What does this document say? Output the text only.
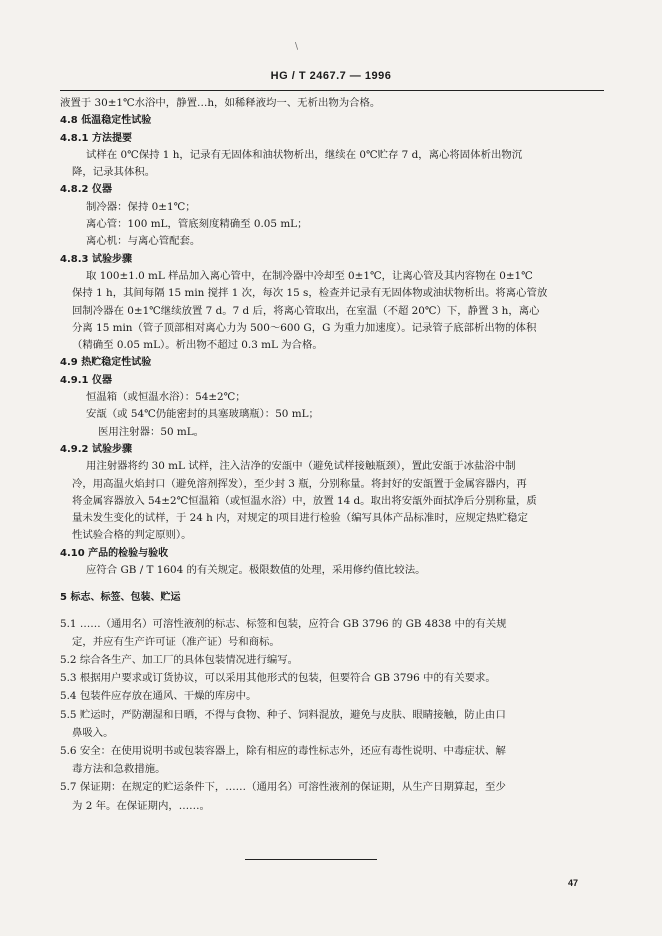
\
HG / T 2467.7 — 1996
液置于 30±1℃水浴中，静置…h，如稀释液均一、无析出物为合格。
4.8 低温稳定性试验
4.8.1 方法提要
试样在 0℃保持 1 h，记录有无固体和油状物析出，继续在 0℃贮存 7 d，离心将固体析出物沉
降，记录其体积。
4.8.2 仪器
制冷器：保持 0±1℃；
离心管：100 mL，管底刻度精确至 0.05 mL；
离心机：与离心管配套。
4.8.3 试验步骤
取 100±1.0 mL 样品加入离心管中，在制冷器中冷却至 0±1℃，让离心管及其内容物在 0±1℃
保持 1 h，其间每隔 15 min 搅拌 1 次，每次 15 s，检查并记录有无固体物或油状物析出。将离心管放
回制冷器在 0±1℃继续放置 7 d。7 d 后，将离心管取出，在室温（不超 20℃）下，静置 3 h，离心
分离 15 min（管子顶部相对离心力为 500～600 G，G 为重力加速度）。记录管子底部析出物的体积
（精确至 0.05 mL）。析出物不超过 0.3 mL 为合格。
4.9 热贮稳定性试验
4.9.1 仪器
恒温箱（或恒温水浴）：54±2℃；
安瓿（或 54℃仍能密封的具塞玻璃瓶）：50 mL；
医用注射器：50 mL。
4.9.2 试验步骤
用注射器将约 30 mL 试样，注入洁净的安瓿中（避免试样接触瓶颈），置此安瓿于冰盐浴中制
冷，用高温火焰封口（避免溶剂挥发），至少封 3 瓶，分别称量。将封好的安瓿置于金属容器内，再
将金属容器放入 54±2℃恒温箱（或恒温水浴）中，放置 14 d。取出将安瓿外面拭净后分别称量，质
量未发生变化的试样，于 24 h 内，对规定的项目进行检验（编写具体产品标准时，应规定热贮稳定
性试验合格的判定原则）。
4.10 产品的检验与验收
应符合 GB / T 1604 的有关规定。极限数值的处理，采用修约值比较法。
5 标志、标签、包装、贮运
5.1 ……（通用名）可溶性液剂的标志、标签和包装，应符合 GB 3796 的 GB 4838 中的有关规
定，并应有生产许可证（准产证）号和商标。
5.2 综合各生产、加工厂的具体包装情况进行编写。
5.3 根据用户要求或订货协议，可以采用其他形式的包装，但要符合 GB 3796 中的有关要求。
5.4 包装件应存放在通风、干燥的库房中。
5.5 贮运时，严防潮湿和日晒，不得与食物、种子、饲料混放，避免与皮肤、眼睛接触，防止由口
鼻吸入。
5.6 安全：在使用说明书或包装容器上，除有相应的毒性标志外，还应有毒性说明、中毒症状、解
毒方法和急救措施。
5.7 保证期：在规定的贮运条件下，……（通用名）可溶性液剂的保证期，从生产日期算起，至少
为 2 年。在保证期内，……。
47
